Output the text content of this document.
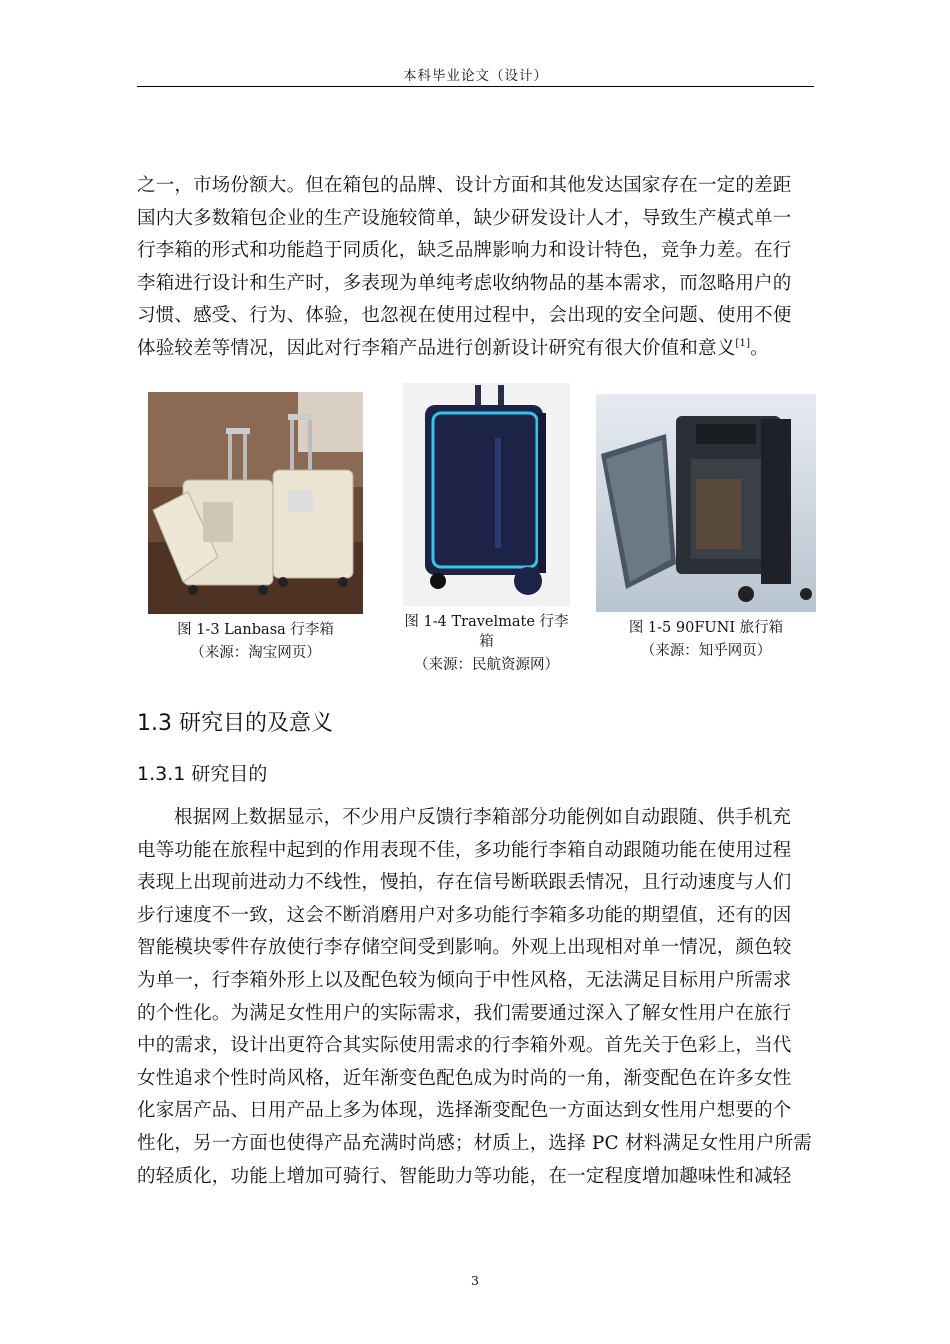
本科毕业论文（设计）
之一，市场份额大。但在箱包的品牌、设计方面和其他发达国家存在一定的差距
国内大多数箱包企业的生产设施较简单，缺少研发设计人才，导致生产模式单一
行李箱的形式和功能趋于同质化，缺乏品牌影响力和设计特色，竞争力差。在行
李箱进行设计和生产时，多表现为单纯考虑收纳物品的基本需求，而忽略用户的
习惯、感受、行为、体验，也忽视在使用过程中，会出现的安全问题、使用不便
体验较差等情况，因此对行李箱产品进行创新设计研究有很大价值和意义[1]。
图 1-3 Lanbasa 行李箱
（来源：淘宝网页）
图 1-4 Travelmate 行李
箱
（来源：民航资源网）
图 1-5 90FUNI 旅行箱
（来源：知乎网页）
1.3 研究目的及意义
1.3.1 研究目的
根据网上数据显示，不少用户反馈行李箱部分功能例如自动跟随、供手机充
电等功能在旅程中起到的作用表现不佳，多功能行李箱自动跟随功能在使用过程
表现上出现前进动力不线性，慢拍，存在信号断联跟丢情况，且行动速度与人们
步行速度不一致，这会不断消磨用户对多功能行李箱多功能的期望值，还有的因
智能模块零件存放使行李存储空间受到影响。外观上出现相对单一情况，颜色较
为单一，行李箱外形上以及配色较为倾向于中性风格，无法满足目标用户所需求
的个性化。为满足女性用户的实际需求，我们需要通过深入了解女性用户在旅行
中的需求，设计出更符合其实际使用需求的行李箱外观。首先关于色彩上，当代
女性追求个性时尚风格，近年渐变色配色成为时尚的一角，渐变配色在许多女性
化家居产品、日用产品上多为体现，选择渐变配色一方面达到女性用户想要的个
性化，另一方面也使得产品充满时尚感；材质上，选择 PC 材料满足女性用户所需
的轻质化，功能上增加可骑行、智能助力等功能，在一定程度增加趣味性和减轻
3
